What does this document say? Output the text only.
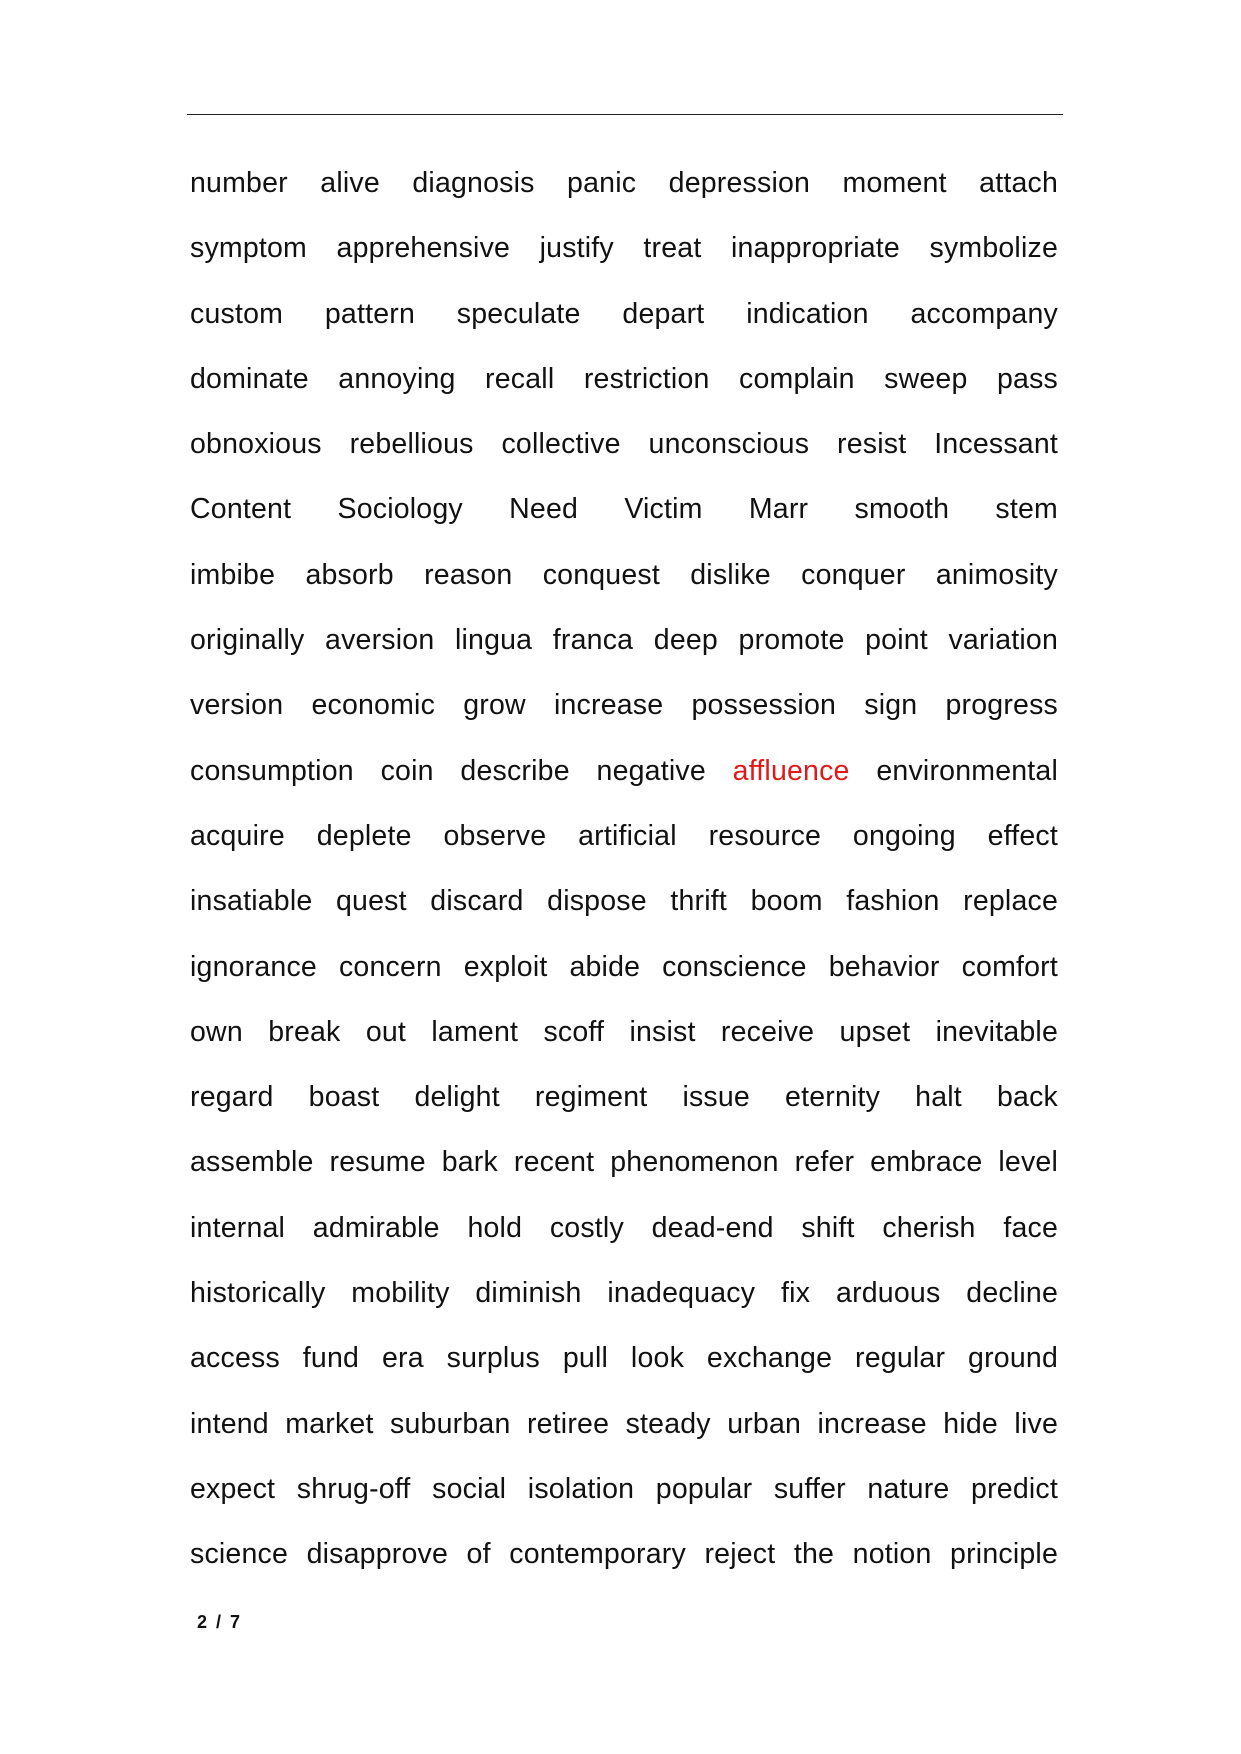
number alive diagnosis panic depression moment attach
symptom apprehensive justify treat inappropriate symbolize
custom pattern speculate depart indication accompany
dominate annoying recall restriction complain sweep pass
obnoxious rebellious collective unconscious resist Incessant
Content Sociology Need Victim Marr smooth stem
imbibe absorb reason conquest dislike conquer animosity
originally aversion lingua franca deep promote point variation
version economic grow increase possession sign progress
consumption coin describe negative affluence environmental
acquire deplete observe artificial resource ongoing effect
insatiable quest discard dispose thrift boom fashion replace
ignorance concern exploit abide conscience behavior comfort
own break out lament scoff insist receive upset inevitable
regard boast delight regiment issue eternity halt back
assemble resume bark recent phenomenon refer embrace level
internal admirable hold costly dead-end shift cherish face
historically mobility diminish inadequacy fix arduous decline
access fund era surplus pull look exchange regular ground
intend market suburban retiree steady urban increase hide live
expect shrug-off social isolation popular suffer nature predict
science disapprove of contemporary reject the notion principle
2 / 7
